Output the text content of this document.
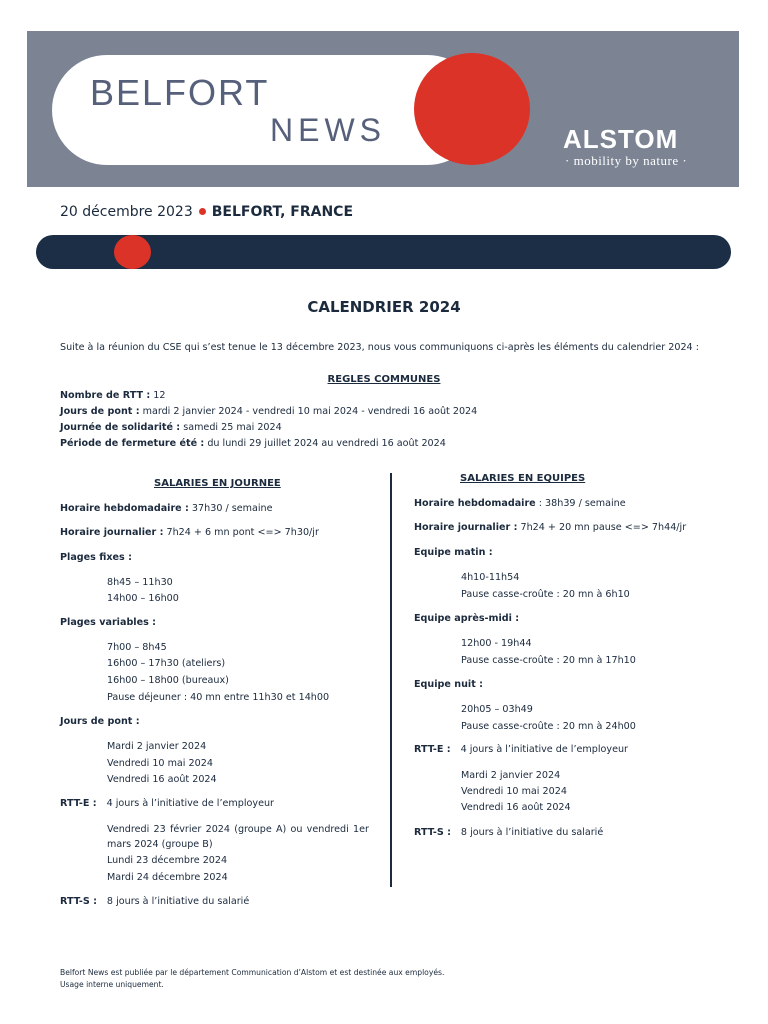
BELFORT
NEWS	ALSTOM
· mobility by nature ·
20 décembre 2023 BELFORT, FRANCE
CALENDRIER 2024
Suite à la réunion du CSE qui s’est tenue le 13 décembre 2023, nous vous communiquons ci-après les éléments du calendrier 2024 :
REGLES COMMUNES
Nombre de RTT : 12
Jours de pont : mardi 2 janvier 2024 - vendredi 10 mai 2024 - vendredi 16 août 2024
Journée de solidarité : samedi 25 mai 2024
Période de fermeture été : du lundi 29 juillet 2024 au vendredi 16 août 2024
SALARIES EN JOURNEE
Horaire hebdomadaire : 37h30 / semaine
Horaire journalier : 7h24 + 6 mn pont <=> 7h30/jr
Plages fixes :
8h45 – 11h30
14h00 – 16h00
Plages variables :
7h00 – 8h45
16h00 – 17h30 (ateliers)
16h00 – 18h00 (bureaux)
Pause déjeuner : 40 mn entre 11h30 et 14h00
Jours de pont :
Mardi 2 janvier 2024
Vendredi 10 mai 2024
Vendredi 16 août 2024
RTT-E : 4 jours à l’initiative de l’employeur
Vendredi 23 février 2024 (groupe A) ou vendredi 1er mars 2024 (groupe B)
Lundi 23 décembre 2024
Mardi 24 décembre 2024
RTT-S : 8 jours à l’initiative du salarié
SALARIES EN EQUIPES
Horaire hebdomadaire : 38h39 / semaine
Horaire journalier : 7h24 + 20 mn pause <=> 7h44/jr
Equipe matin :
4h10-11h54
Pause casse-croûte : 20 mn à 6h10
Equipe après-midi :
12h00 - 19h44
Pause casse-croûte : 20 mn à 17h10
Equipe nuit :
20h05 – 03h49
Pause casse-croûte : 20 mn à 24h00
RTT-E : 4 jours à l’initiative de l’employeur
Mardi 2 janvier 2024
Vendredi 10 mai 2024
Vendredi 16 août 2024
RTT-S : 8 jours à l’initiative du salarié
Belfort News est publiée par le département Communication d’Alstom et est destinée aux employés.
Usage interne uniquement.
